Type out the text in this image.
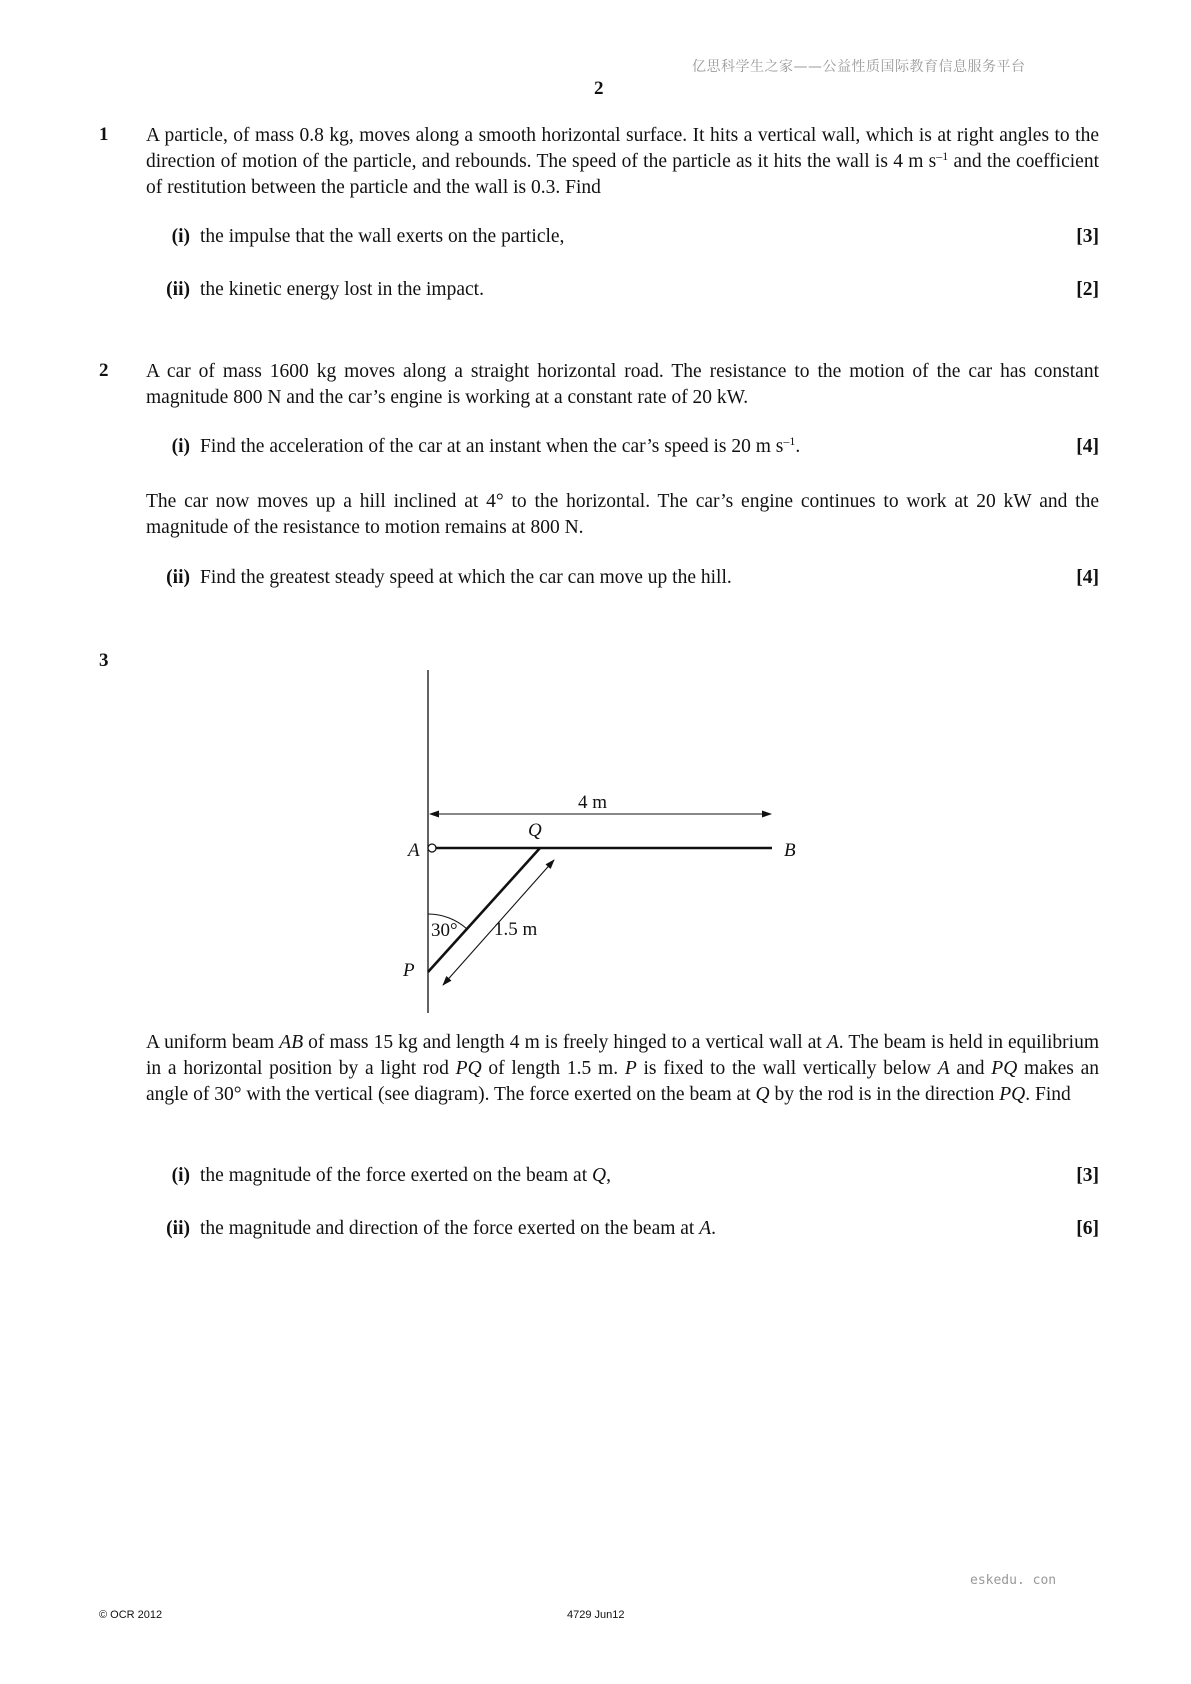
亿思科学生之家——公益性质国际教育信息服务平台
2
1 A particle, of mass 0.8 kg, moves along a smooth horizontal surface. It hits a vertical wall, which is at right angles to the direction of motion of the particle, and rebounds. The speed of the particle as it hits the wall is 4 m $s^{-1}$ and the coefficient of restitution between the particle and the wall is 0.3. Find
(i) the impulse that the wall exerts on the particle,	[3]
(ii) the kinetic energy lost in the impact.	[2]
2 A car of mass 1600 kg moves along a straight horizontal road. The resistance to the motion of the car has constant magnitude 800 N and the car’s engine is working at a constant rate of 20 kW.
(i) Find the acceleration of the car at an instant when the car’s speed is 20 m $s^{-1}$.	[4]
The car now moves up a hill inclined at 4° to the horizontal. The car’s engine continues to work at 20 kW and the magnitude of the resistance to motion remains at 800 N.
(ii) Find the greatest steady speed at which the car can move up the hill.	[4]
3
4 m
A	B
Q
P
30° 1.5 m
A uniform beam AB of mass 15 kg and length 4 m is freely hinged to a vertical wall at A. The beam is held in equilibrium in a horizontal position by a light rod PQ of length 1.5 m. P is fixed to the wall vertically below A and PQ makes an angle of 30° with the vertical (see diagram). The force exerted on the beam at Q by the rod is in the direction PQ. Find
(i) the magnitude of the force exerted on the beam at Q,	[3]
(ii) the magnitude and direction of the force exerted on the beam at A.	[6]
eskedu. con
© OCR 2012	4729 Jun12
